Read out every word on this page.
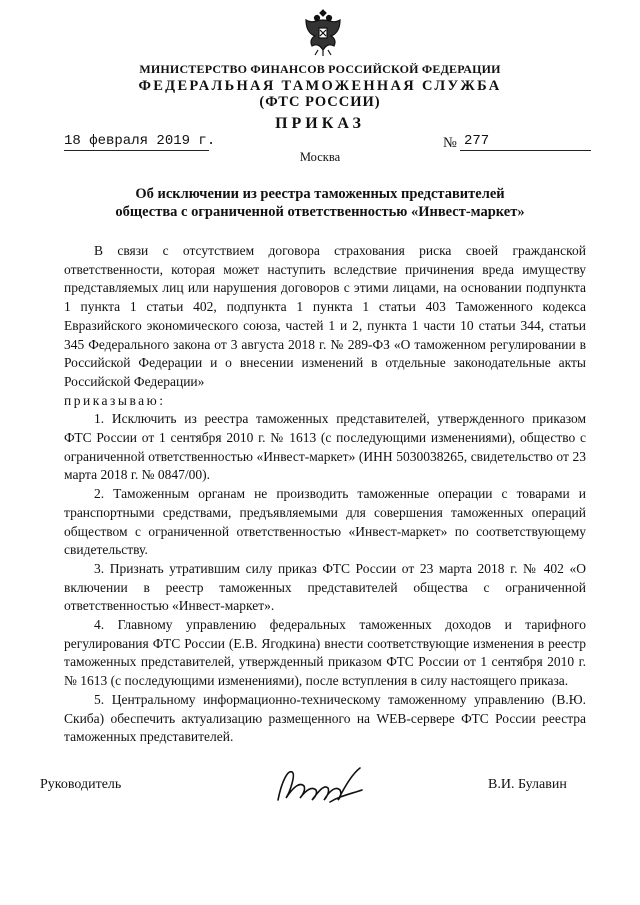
МИНИСТЕРСТВО ФИНАНСОВ РОССИЙСКОЙ ФЕДЕРАЦИИ
ФЕДЕРАЛЬНАЯ ТАМОЖЕННАЯ СЛУЖБА
(ФТС РОССИИ)
ПРИКАЗ
18 февраля 2019 г.	№ 277
Москва
Об исключении из реестра таможенных представителей
общества с ограниченной ответственностью «Инвест-маркет»

В связи с отсутствием договора страхования риска своей гражданской ответственности, которая может наступить вследствие причинения вреда имуществу представляемых лиц или нарушения договоров с этими лицами, на основании подпункта 1 пункта 1 статьи 402, подпункта 1 пункта 1 статьи 403 Таможенного кодекса Евразийского экономического союза, частей 1 и 2, пункта 1 части 10 статьи 344, статьи 345 Федерального закона от 3 августа 2018 г. № 289-ФЗ «О таможенном регулировании в Российской Федерации и о внесении изменений в отдельные законодательные акты Российской Федерации»
приказываю:

1. Исключить из реестра таможенных представителей, утвержденного приказом ФТС России от 1 сентября 2010 г. № 1613 (с последующими изменениями), общество с ограниченной ответственностью «Инвест-маркет» (ИНН 5030038265, свидетельство от 23 марта 2018 г. № 0847/00).

2. Таможенным органам не производить таможенные операции с товарами и транспортными средствами, предъявляемыми для совершения таможенных операций обществом с ограниченной ответственностью «Инвест-маркет» по соответствующему свидетельству.

3. Признать утратившим силу приказ ФТС России от 23 марта 2018 г. № 402 «О включении в реестр таможенных представителей общества с ограниченной ответственностью «Инвест-маркет».

4. Главному управлению федеральных таможенных доходов и тарифного регулирования ФТС России (Е.В. Ягодкина) внести соответствующие изменения в реестр таможенных представителей, утвержденный приказом ФТС России от 1 сентября 2010 г. № 1613 (с последующими изменениями), после вступления в силу настоящего приказа.

5. Центральному информационно-техническому таможенному управлению (В.Ю. Скиба) обеспечить актуализацию размещенного на WEB-сервере ФТС России реестра таможенных представителей.

Руководитель	В.И. Булавин
